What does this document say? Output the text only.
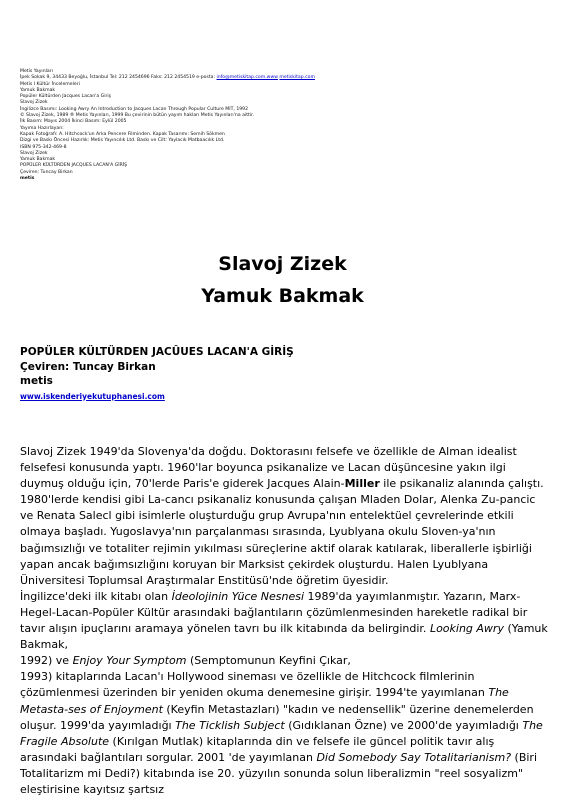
Metis Yayınları
İpek Sokak 9, 34433 Beyoğlu, İstanbul Tel: 212 2454696 Faks: 212 2454519 e-posta: info@metiskitap.com.www metiskitap.com
Metis I Kültür İncelemeleri
Yamuk Bakmak
Popüler Kültürden Jacques Lacan'a Giriş
Slavoj Zizek
İngilizce Basımı: Looking Awry An Introduction to Jacques Lacan Through Popular Culture MIT, 1992
© Slavoj Zizek, 1989 ® Metis Yayınları, 1999 Bu çevirinin bütün yayım hakları Metis Yayınları'na aittir.
İlk Basım: Mayıs 2004 İkinci Basım: Eylül 2005
Yayıma Hazırlayan:
Kapak Fotoğrafı: A. Hitchcock'un Arka Pencere Filminden. Kapak Tasarımı: Semih Sökmen
Dizgi ve Baskı Öncesi Hazırlık: Metis Yayıncılık Ltd. Baskı ve Cilt: Yaylacık Matbaacılık Ltd.
ISBN 975-342-469-8
Slavoj Zizek
Yamuk Bakmak
POPÜLER KÜLTÜRDEN JACQUES LACAN'A GİRİŞ
Çeviren: Tuncay Birkan
metis
Slavoj Zizek
Yamuk Bakmak
POPÜLER KÜLTÜRDEN JACÛUES LACAN'A GİRİŞ
Çeviren: Tuncay Birkan
metis
www.iskenderiyekutuphanesi.com

Slavoj Zizek 1949'da Slovenya'da doğdu. Doktorasını felsefe ve özellikle de Alman idealist felsefesi konusunda yaptı. 1960'lar boyunca psikanalize ve Lacan düşüncesine yakın ilgi duymuş olduğu için, 70'lerde Paris'e giderek Jacques Alain-Miller ile psikanaliz alanında çalıştı. 1980'lerde kendisi gibi La-cancı psikanaliz konusunda çalışan Mladen Dolar, Alenka Zu-pancic ve Renata Salecl gibi isimlerle oluşturduğu grup Avrupa'nın entelektüel çevrelerinde etkili olmaya başladı. Yugoslavya'nın parçalanması sırasında, Lyublyana okulu Sloven-ya'nın bağımsızlığı ve totaliter rejimin yıkılması süreçlerine aktif olarak katılarak, liberallerle işbirliği yapan ancak bağımsızlığını koruyan bir Marksist çekirdek oluşturdu. Halen Lyublyana Üniversitesi Toplumsal Araştırmalar Enstitüsü'nde öğretim üyesidir.

İngilizce'deki ilk kitabı olan İdeolojinin Yüce Nesnesi 1989'da yayımlanmıştır. Yazarın, Marx-Hegel-Lacan-Popüler Kültür arasındaki bağlantıların çözümlenmesinden hareketle radikal bir tavır alışın ipuçlarını aramaya yönelen tavrı bu ilk kitabında da belirgindir. Looking Awry (Yamuk Bakmak,

1992) ve Enjoy Your Symptom (Semptomunun Keyfini Çıkar,

1993) kitaplarında Lacan'ı Hollywood sineması ve özellikle de Hitchcock filmlerinin çözümlenmesi üzerinden bir yeniden okuma denemesine girişir. 1994'te yayımlanan The Metasta-ses of Enjoyment (Keyfin Metastazları) "kadın ve nedensellik" üzerine denemelerden oluşur. 1999'da yayımladığı The Ticklish Subject (Gıdıklanan Özne) ve 2000'de yayımladığı The Fragile Absolute (Kırılgan Mutlak) kitaplarında din ve felsefe ile güncel politik tavır alış arasındaki bağlantıları sorgular. 2001 'de yayımlanan Did Somebody Say Totalitarianism? (Biri Totalitarizm mi Dedi?) kitabında ise 20. yüzyılın sonunda solun liberalizmin "reel sosyalizm" eleştirisine kayıtsız şartsız
